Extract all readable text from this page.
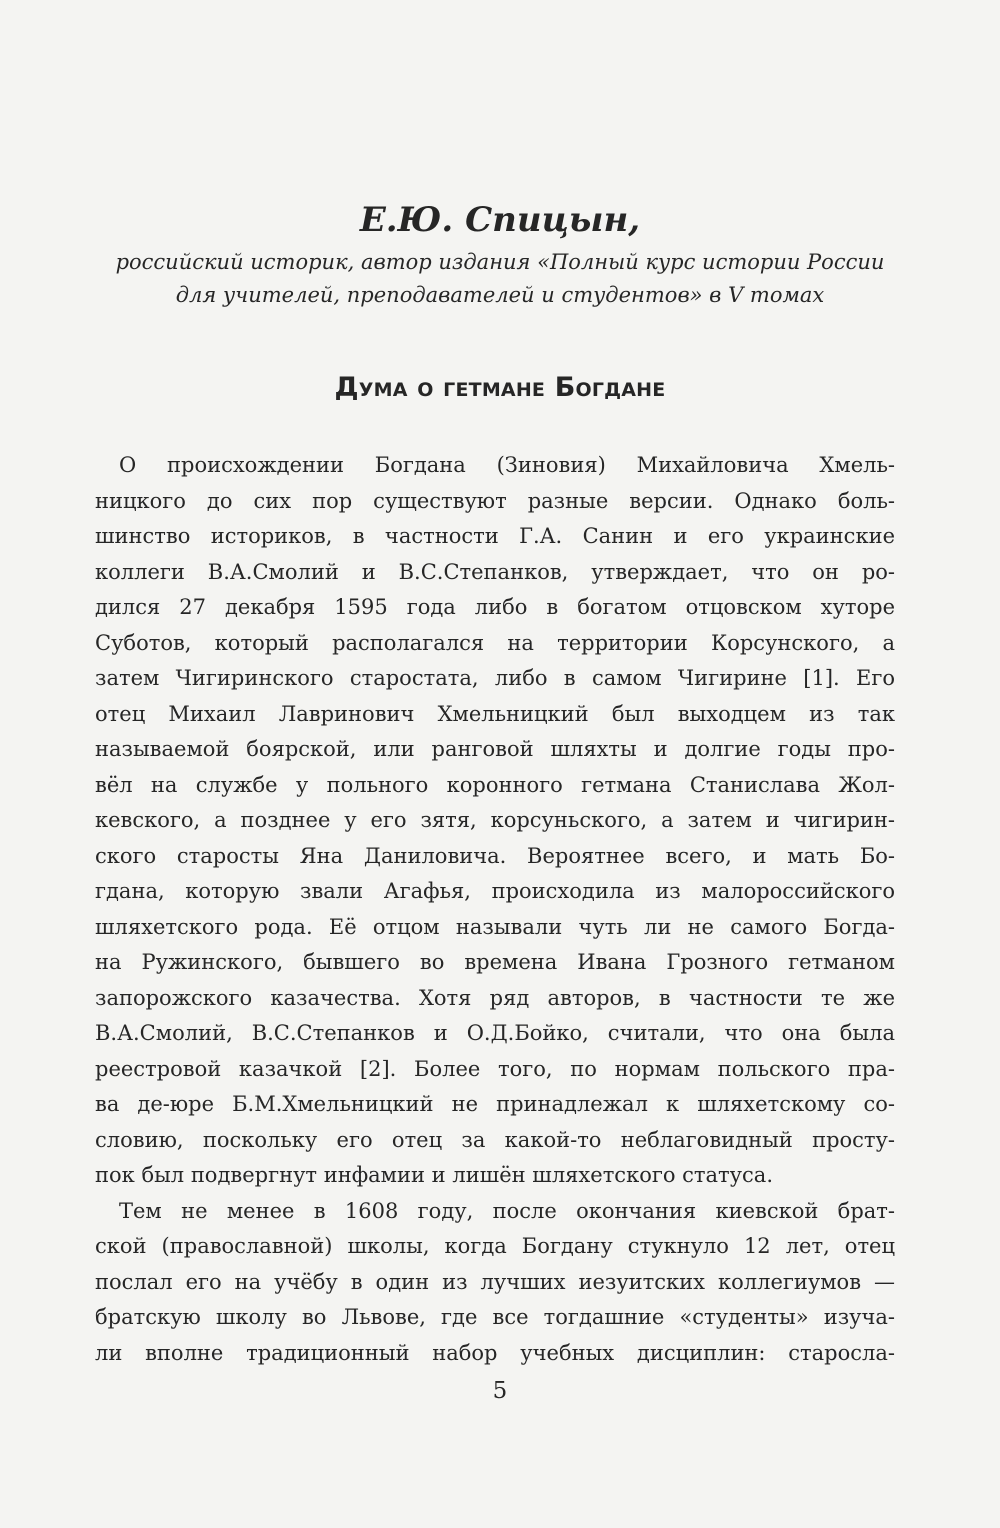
Е.Ю. Спицын,

российский историк, автор издания «Полный курс истории России
для учителей, преподавателей и студентов» в V томах

Дума о гетмане Богдане
О происхождении Богдана (Зиновия) Михайловича Хмель-
ницкого до сих пор существуют разные версии. Однако боль-
шинство историков, в частности Г.А. Санин и его украинские
коллеги В.А.Смолий и В.С.Степанков, утверждает, что он ро-
дился 27 декабря 1595 года либо в богатом отцовском хуторе
Суботов, который располагался на территории Корсунского, а
затем Чигиринского старостата, либо в самом Чигирине [1]. Его
отец Михаил Лавринович Хмельницкий был выходцем из так
называемой боярской, или ранговой шляхты и долгие годы про-
вёл на службе у польного коронного гетмана Станислава Жол-
кевского, а позднее у его зятя, корсуньского, а затем и чигирин-
ского старосты Яна Даниловича. Вероятнее всего, и мать Бо-
гдана, которую звали Агафья, происходила из малороссийского
шляхетского рода. Её отцом называли чуть ли не самого Богда-
на Ружинского, бывшего во времена Ивана Грозного гетманом
запорожского казачества. Хотя ряд авторов, в частности те же
В.А.Смолий, В.С.Степанков и О.Д.Бойко, считали, что она была
реестровой казачкой [2]. Более того, по нормам польского пра-
ва де-юре Б.М.Хмельницкий не принадлежал к шляхетскому со-
словию, поскольку его отец за какой-то неблаговидный просту-
пок был подвергнут инфамии и лишён шляхетского статуса.
Тем не менее в 1608 году, после окончания киевской брат-
ской (православной) школы, когда Богдану стукнуло 12 лет, отец
послал его на учёбу в один из лучших иезуитских коллегиумов —
братскую школу во Львове, где все тогдашние «студенты» изуча-
ли вполне традиционный набор учебных дисциплин: старосла-

5
